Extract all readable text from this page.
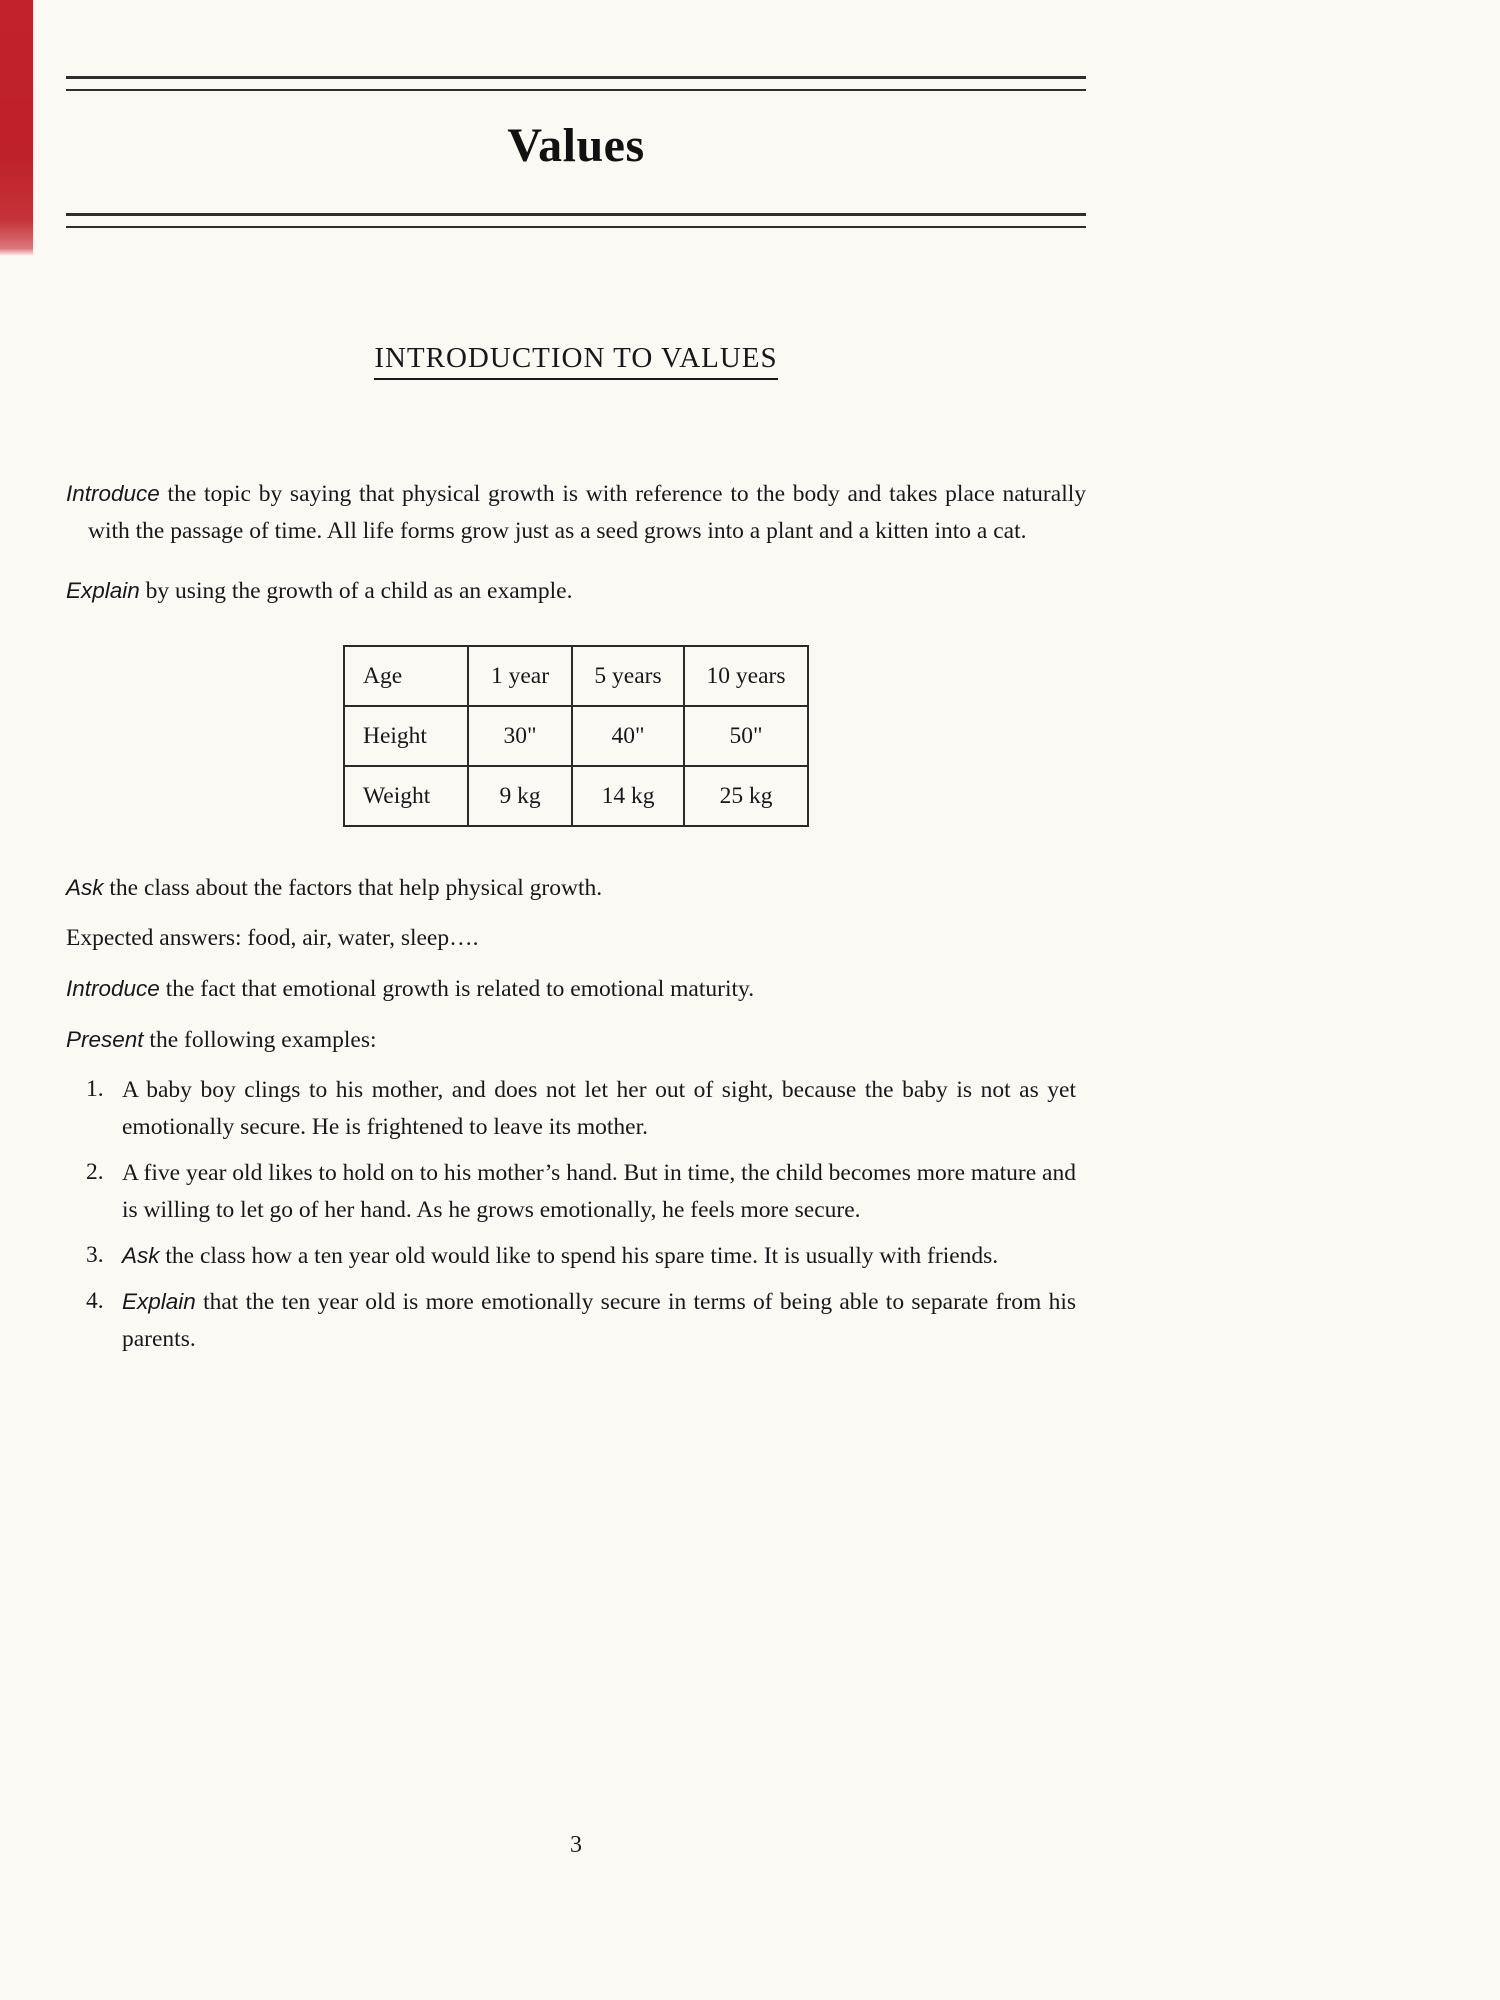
Values
INTRODUCTION TO VALUES

Introduce the topic by saying that physical growth is with reference to the body and takes place naturally with the passage of time. All life forms grow just as a seed grows into a plant and a kitten into a cat.

Explain by using the growth of a child as an example.

Age	1 year	5 years	10 years
Height	30"	40"	50"
Weight	9 kg	14 kg	25 kg

Ask the class about the factors that help physical growth.

Expected answers: food, air, water, sleep….

Introduce the fact that emotional growth is related to emotional maturity.

Present the following examples:

1. A baby boy clings to his mother, and does not let her out of sight, because the baby is not as yet emotionally secure. He is frightened to leave its mother.
2. A five year old likes to hold on to his mother’s hand. But in time, the child becomes more mature and is willing to let go of her hand. As he grows emotionally, he feels more secure.
3. Ask the class how a ten year old would like to spend his spare time. It is usually with friends.
4. Explain that the ten year old is more emotionally secure in terms of being able to separate from his parents.
3
